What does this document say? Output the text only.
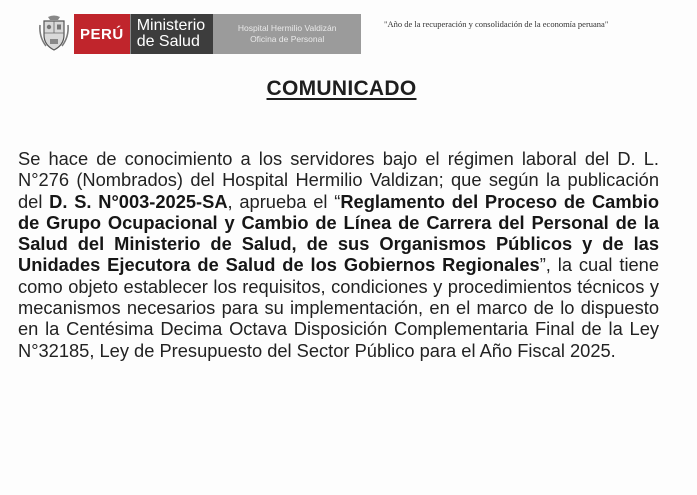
PERÚ Ministerio
de Salud
Hospital Hermilio Valdizán
Oficina de Personal
"Año de la recuperación y consolidación de la economía peruana"
COMUNICADO
Se hace de conocimiento a los servidores bajo el régimen laboral del D. L. N°276 (Nombrados) del Hospital Hermilio Valdizan; que según la publicación del D. S. N°003-2025-SA, aprueba el “Reglamento del Proceso de Cambio de Grupo Ocupacional y Cambio de Línea de Carrera del Personal de la Salud del Ministerio de Salud, de sus Organismos Públicos y de las Unidades Ejecutora de Salud de los Gobiernos Regionales”, la cual tiene como objeto establecer los requisitos, condiciones y procedimientos técnicos y mecanismos necesarios para su implementación, en el marco de lo dispuesto en la Centésima Decima Octava Disposición Complementaria Final de la Ley N°32185, Ley de Presupuesto del Sector Público para el Año Fiscal 2025.
